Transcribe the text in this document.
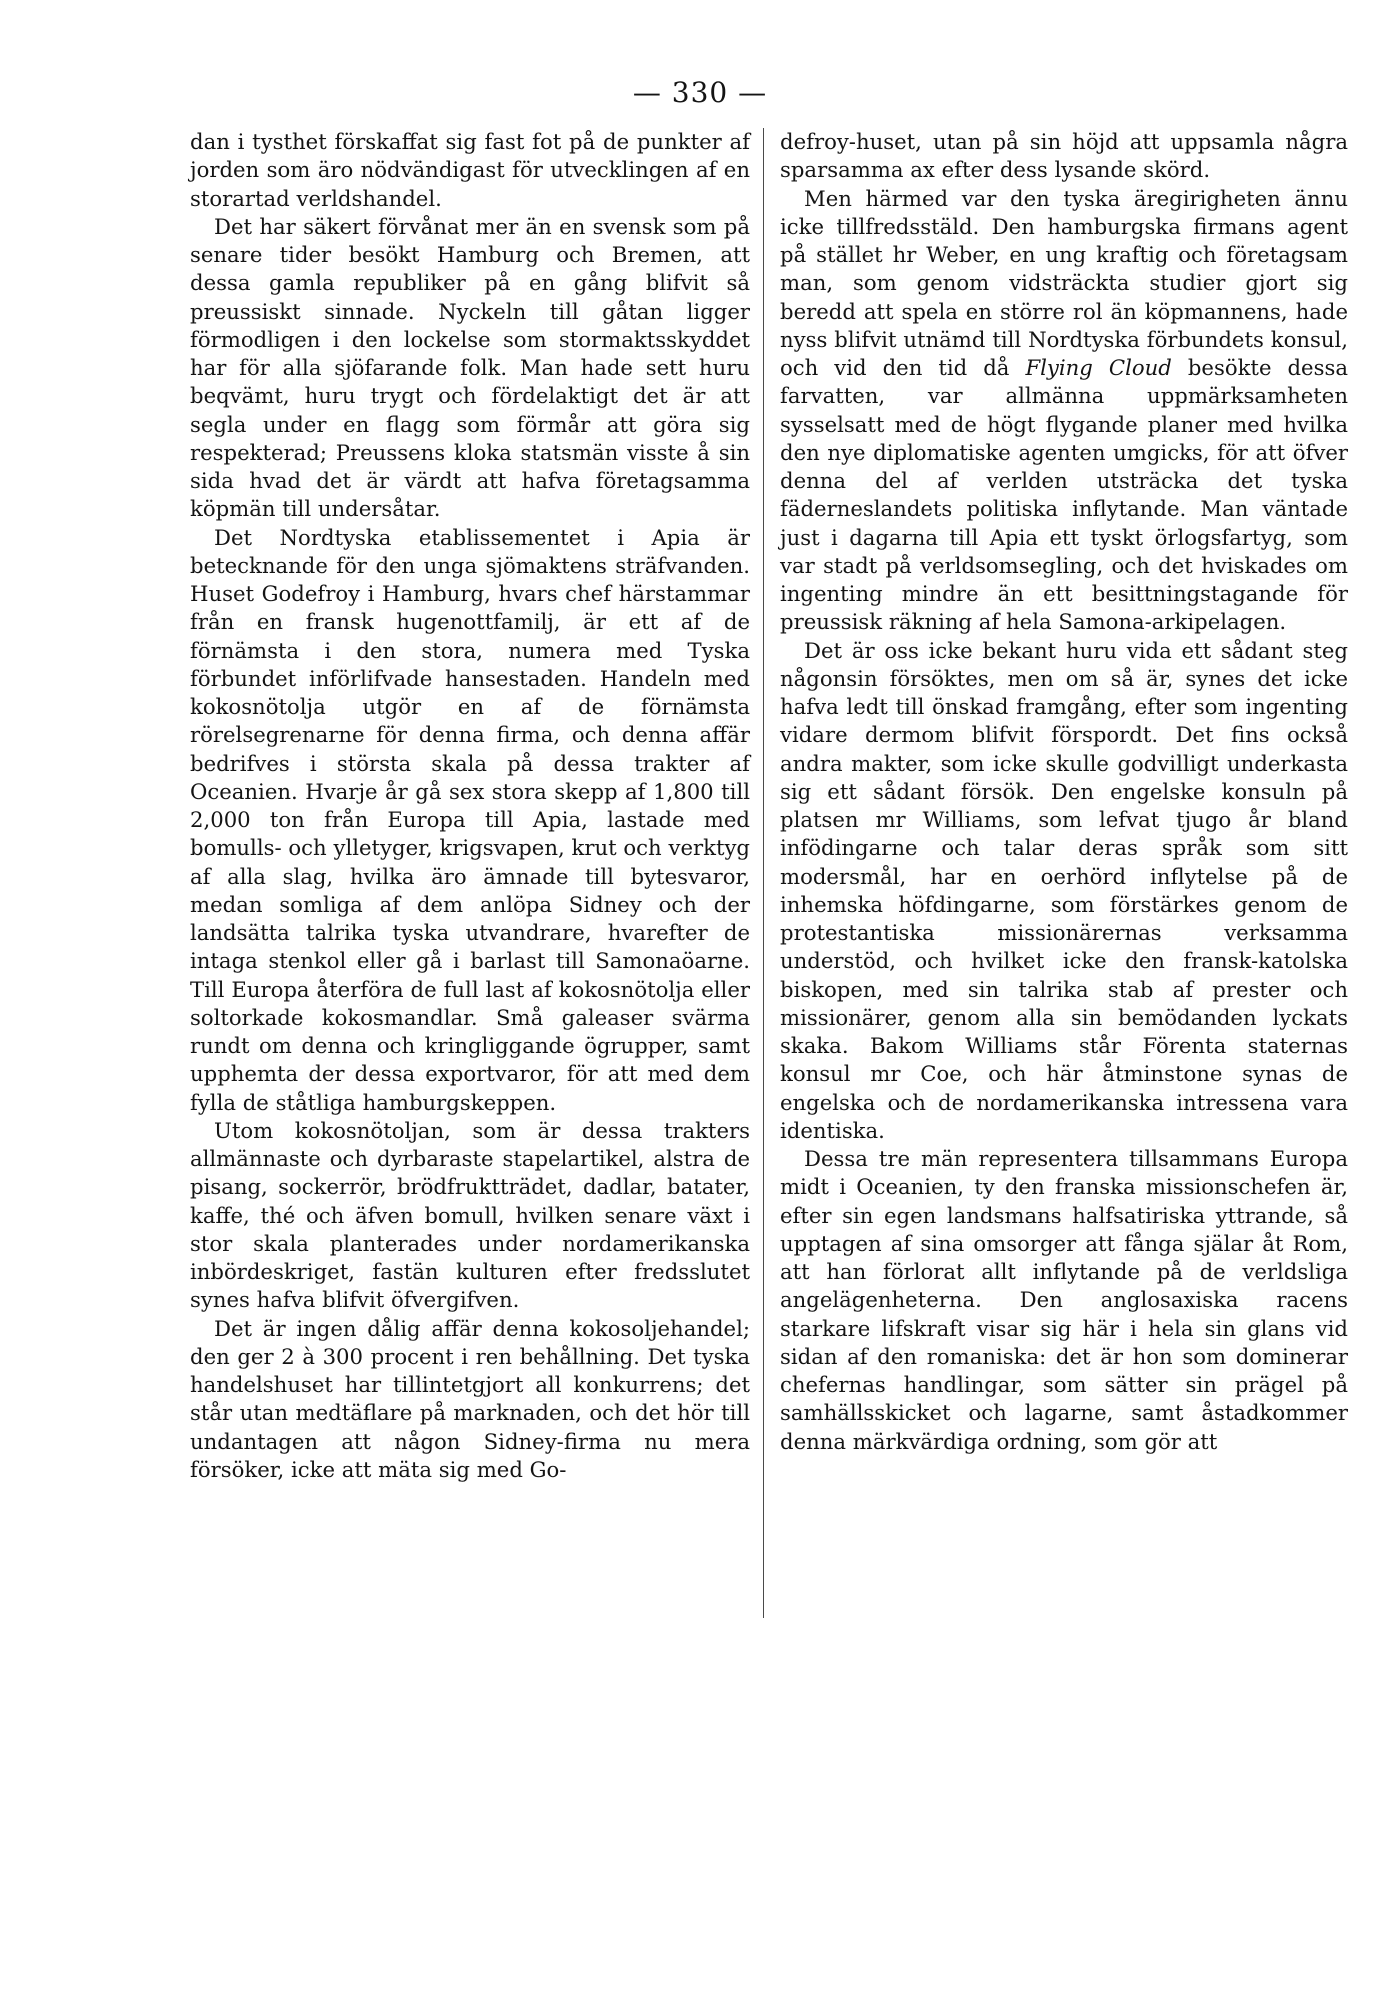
— 330 —

dan i tysthet förskaffat sig fast fot på de punkter af jorden som äro nödvändigast för utvecklingen af en storartad verldshandel.

Det har säkert förvånat mer än en svensk som på senare tider besökt Hamburg och Bremen, att dessa gamla republiker på en gång blifvit så preussiskt sinnade. Nyckeln till gåtan ligger förmodligen i den lockelse som stormaktsskyddet har för alla sjöfarande folk. Man hade sett huru beqvämt, huru trygt och fördelaktigt det är att segla under en flagg som förmår att göra sig respekterad; Preussens kloka statsmän visste å sin sida hvad det är värdt att hafva företagsamma köpmän till undersåtar.

Det Nordtyska etablissementet i Apia är betecknande för den unga sjömaktens sträfvanden. Huset Godefroy i Hamburg, hvars chef härstammar från en fransk hugenottfamilj, är ett af de förnämsta i den stora, numera med Tyska förbundet införlifvade hansestaden. Handeln med kokosnötolja utgör en af de förnämsta rörelsegrenarne för denna firma, och denna affär bedrifves i största skala på dessa trakter af Oceanien. Hvarje år gå sex stora skepp af 1,800 till 2,000 ton från Europa till Apia, lastade med bomulls- och ylletyger, krigsvapen, krut och verktyg af alla slag, hvilka äro ämnade till bytesvaror, medan somliga af dem anlöpa Sidney och der landsätta talrika tyska utvandrare, hvarefter de intaga stenkol eller gå i barlast till Samonaöarne. Till Europa återföra de full last af kokosnötolja eller soltorkade kokosmandlar. Små galeaser svärma rundt om denna och kringliggande ögrupper, samt upphemta der dessa exportvaror, för att med dem fylla de ståtliga hamburgskeppen.

Utom kokosnötoljan, som är dessa trakters allmännaste och dyrbaraste stapelartikel, alstra de pisang, sockerrör, brödfruktträdet, dadlar, batater, kaffe, thé och äfven bomull, hvilken senare växt i stor skala planterades under nordamerikanska inbördeskriget, fastän kulturen efter fredsslutet synes hafva blifvit öfvergifven.

Det är ingen dålig affär denna kokosoljehandel; den ger 2 à 300 procent i ren behållning. Det tyska handelshuset har tillintetgjort all konkurrens; det står utan medtäflare på marknaden, och det hör till undantagen att någon Sidney-firma nu mera försöker, icke att mäta sig med Go-

defroy-huset, utan på sin höjd att uppsamla några sparsamma ax efter dess lysande skörd.

Men härmed var den tyska äregirigheten ännu icke tillfredsstäld. Den hamburgska firmans agent på stället hr Weber, en ung kraftig och företagsam man, som genom vidsträckta studier gjort sig beredd att spela en större rol än köpmannens, hade nyss blifvit utnämd till Nordtyska förbundets konsul, och vid den tid då Flying Cloud besökte dessa farvatten, var allmänna uppmärksamheten sysselsatt med de högt flygande planer med hvilka den nye diplomatiske agenten umgicks, för att öfver denna del af verlden utsträcka det tyska fäderneslandets politiska inflytande. Man väntade just i dagarna till Apia ett tyskt örlogsfartyg, som var stadt på verldsomsegling, och det hviskades om ingenting mindre än ett besittningstagande för preussisk räkning af hela Samona-arkipelagen.

Det är oss icke bekant huru vida ett sådant steg någonsin försöktes, men om så är, synes det icke hafva ledt till önskad framgång, efter som ingenting vidare dermom blifvit förspordt. Det fins också andra makter, som icke skulle godvilligt underkasta sig ett sådant försök. Den engelske konsuln på platsen mr Williams, som lefvat tjugo år bland infödingarne och talar deras språk som sitt modersmål, har en oerhörd inflytelse på de inhemska höfdingarne, som förstärkes genom de protestantiska missionärernas verksamma understöd, och hvilket icke den fransk-katolska biskopen, med sin talrika stab af prester och missionärer, genom alla sin bemödanden lyckats skaka. Bakom Williams står Förenta staternas konsul mr Coe, och här åtminstone synas de engelska och de nordamerikanska intressena vara identiska.

Dessa tre män representera tillsammans Europa midt i Oceanien, ty den franska missionschefen är, efter sin egen landsmans halfsatiriska yttrande, så upptagen af sina omsorger att fånga själar åt Rom, att han förlorat allt inflytande på de verldsliga angelägenheterna. Den anglosaxiska racens starkare lifskraft visar sig här i hela sin glans vid sidan af den romaniska: det är hon som dominerar chefernas handlingar, som sätter sin prägel på samhällsskicket och lagarne, samt åstadkommer denna märkvärdiga ordning, som gör att
